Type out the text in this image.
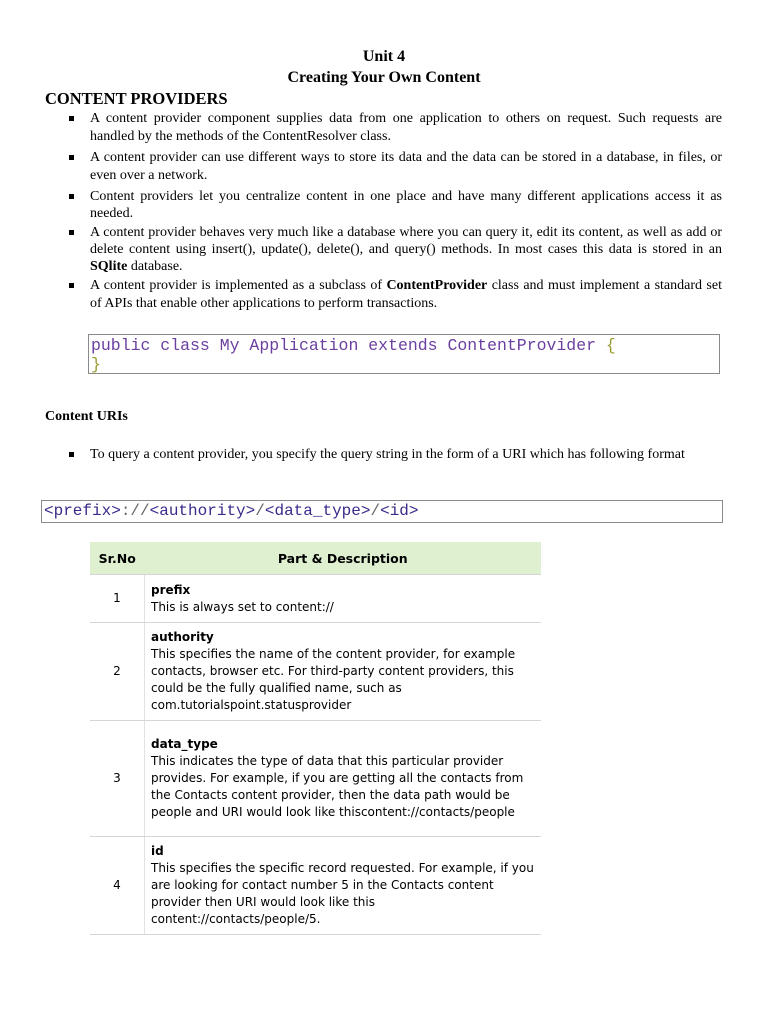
Unit 4
Creating Your Own Content
CONTENT PROVIDERS
A content provider component supplies data from one application to others on request. Such requests are handled by the methods of the ContentResolver class.
A content provider can use different ways to store its data and the data can be stored in a database, in files, or even over a network.
Content providers let you centralize content in one place and have many different applications access it as needed.
A content provider behaves very much like a database where you can query it, edit its content, as well as add or delete content using insert(), update(), delete(), and query() methods. In most cases this data is stored in an SQlite database.
A content provider is implemented as a subclass of ContentProvider class and must implement a standard set of APIs that enable other applications to perform transactions.
public class My Application extends ContentProvider {
}
Content URIs
To query a content provider, you specify the query string in the form of a URI which has following format
<prefix>://<authority>/<data_type>/<id>
Sr.No	Part & Description
1	prefix
This is always set to content://
2	authority
This specifies the name of the content provider, for example contacts, browser etc. For third-party content providers, this could be the fully qualified name, such as com.tutorialspoint.statusprovider
3	data_type
This indicates the type of data that this particular provider provides. For example, if you are getting all the contacts from the Contacts content provider, then the data path would be people and URI would look like thiscontent://contacts/people
4	id
This specifies the specific record requested. For example, if you are looking for contact number 5 in the Contacts content provider then URI would look like this content://contacts/people/5.
